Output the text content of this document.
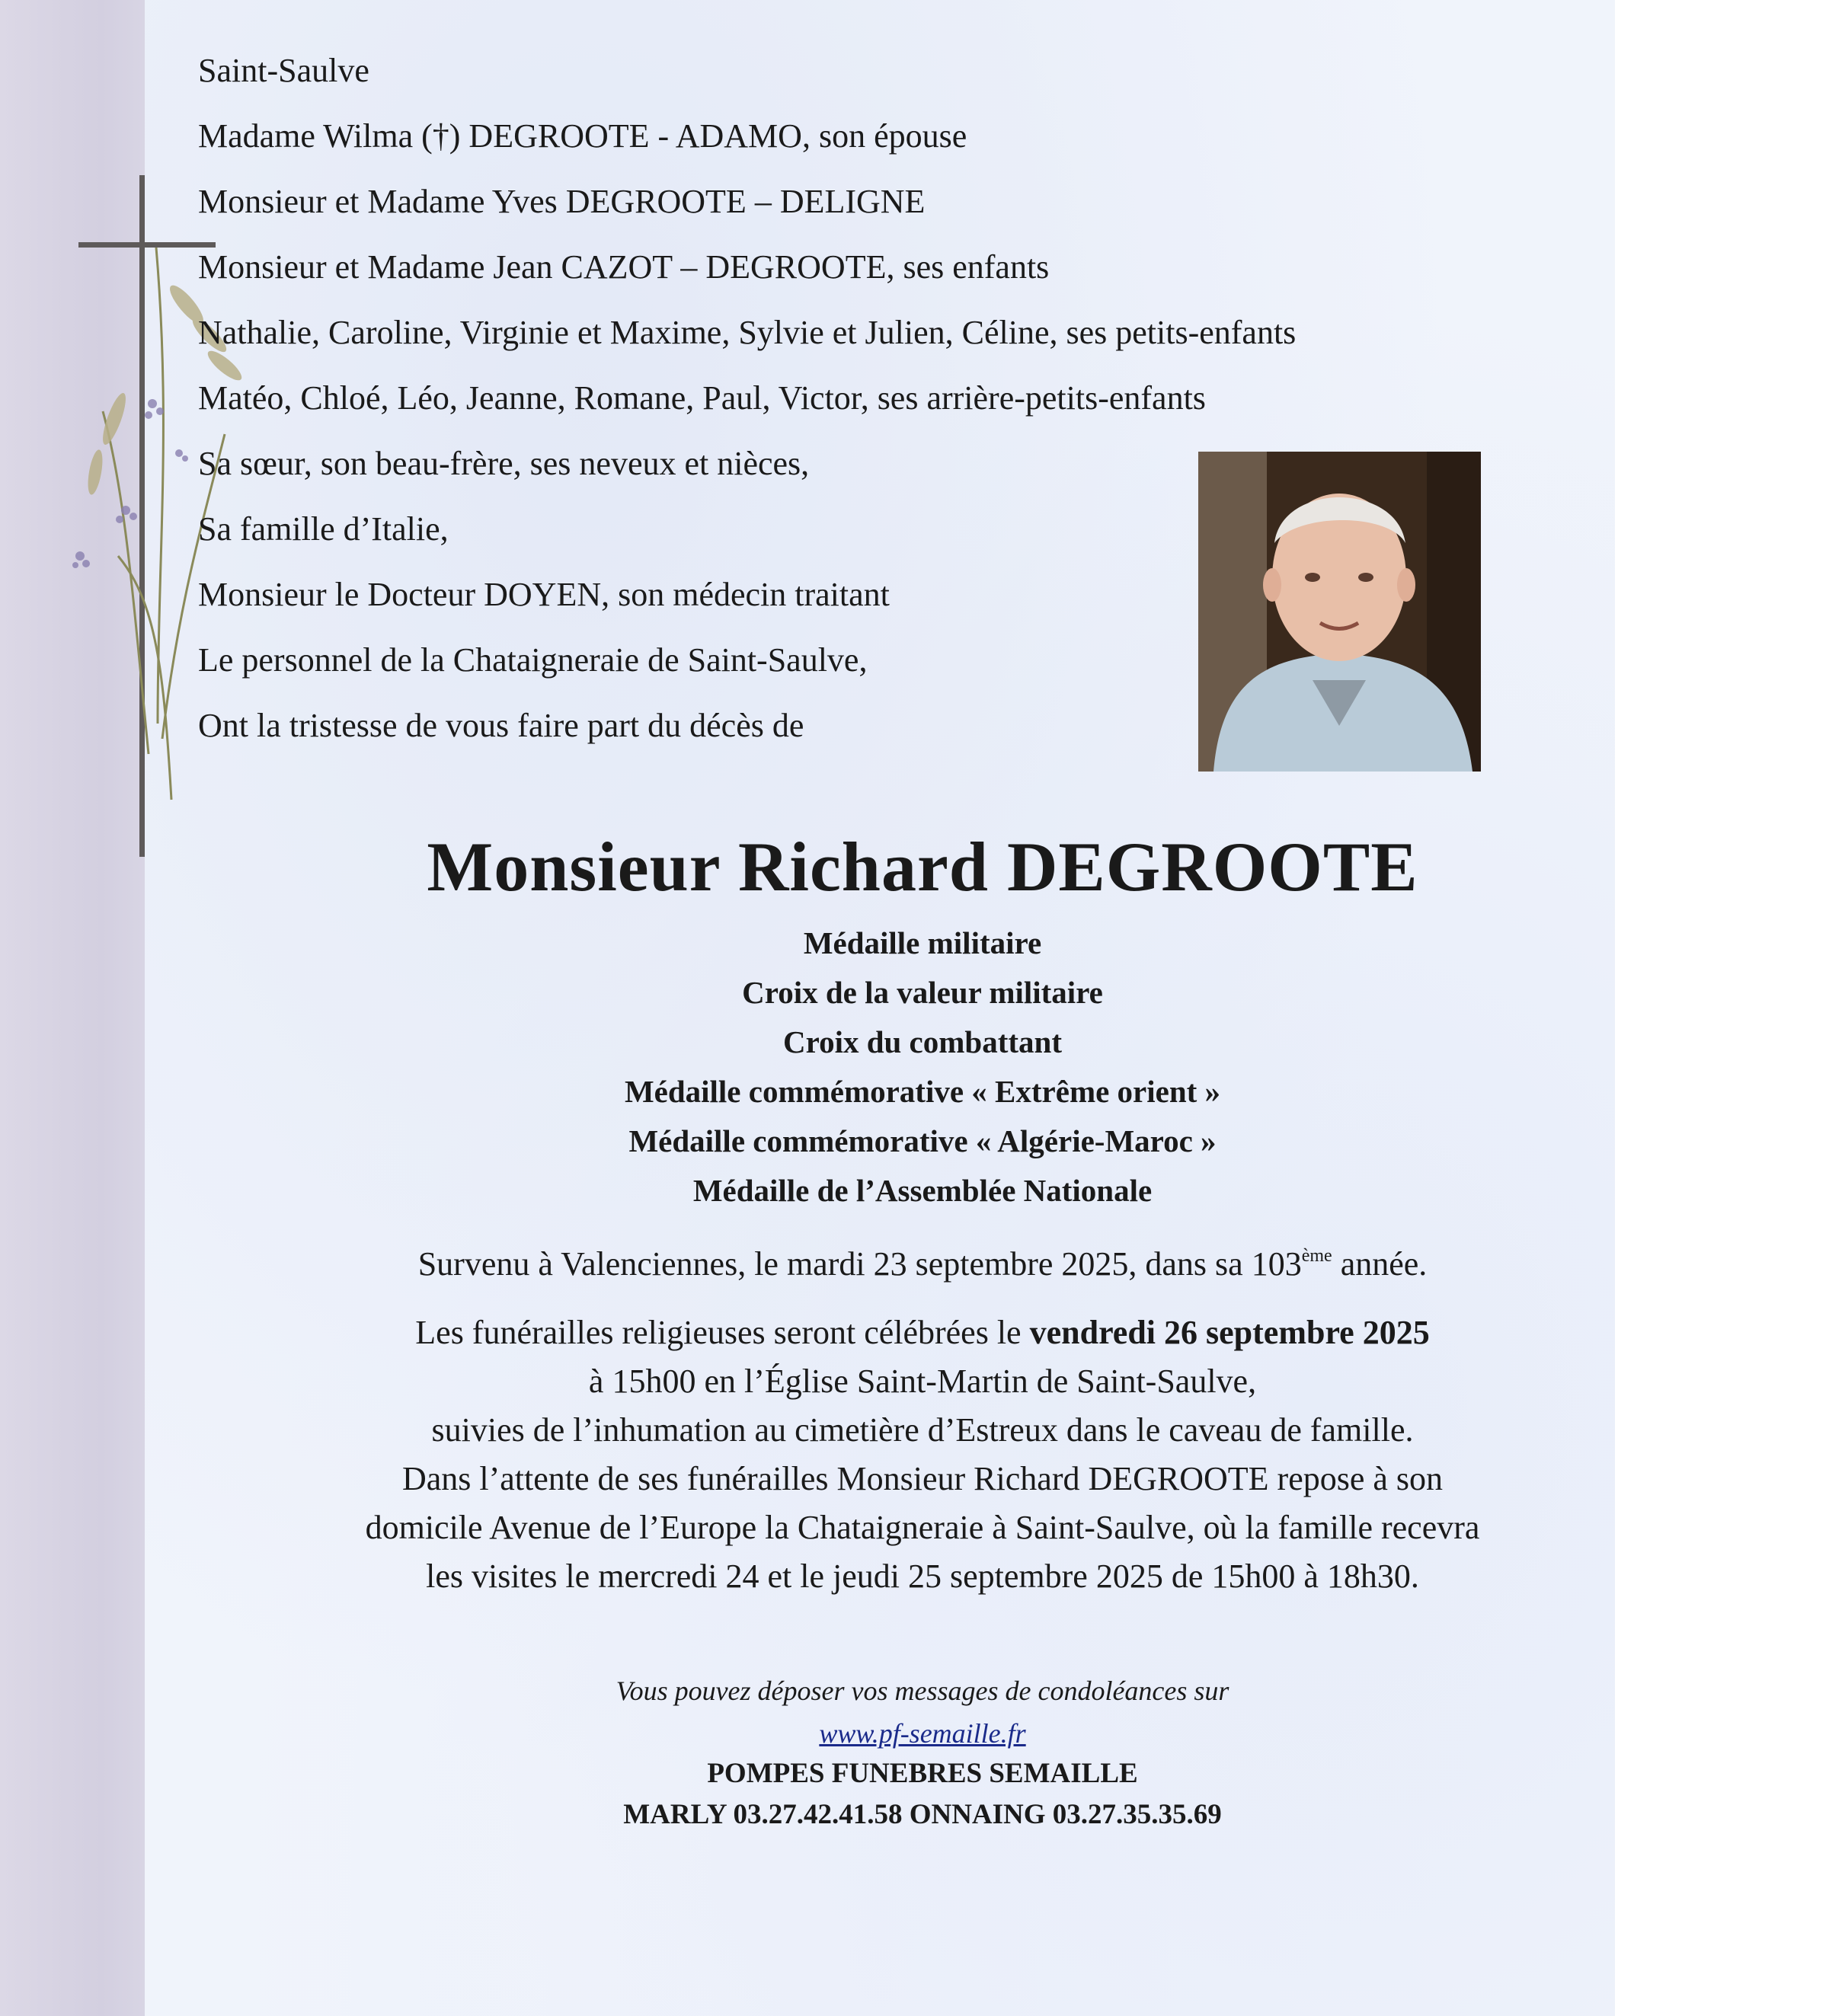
Saint-Saulve
Madame Wilma (†) DEGROOTE - ADAMO, son épouse
Monsieur et Madame Yves DEGROOTE – DELIGNE
Monsieur et Madame Jean CAZOT – DEGROOTE, ses enfants
Nathalie, Caroline, Virginie et Maxime, Sylvie et Julien, Céline, ses petits-enfants
Matéo, Chloé, Léo, Jeanne, Romane, Paul, Victor, ses arrière-petits-enfants
Sa sœur, son beau-frère, ses neveux et nièces,
Sa famille d’Italie,
Monsieur le Docteur DOYEN, son médecin traitant
Le personnel de la Chataigneraie de Saint-Saulve,
Ont la tristesse de vous faire part du décès de
Monsieur Richard DEGROOTE
Médaille militaire
Croix de la valeur militaire
Croix du combattant
Médaille commémorative « Extrême orient »
Médaille commémorative « Algérie-Maroc »
Médaille de l’Assemblée Nationale
Survenu à Valenciennes, le mardi 23 septembre 2025, dans sa 103ème année.

Les funérailles religieuses seront célébrées le vendredi 26 septembre 2025

à 15h00 en l’Église Saint-Martin de Saint-Saulve,

suivies de l’inhumation au cimetière d’Estreux dans le caveau de famille.

Dans l’attente de ses funérailles Monsieur Richard DEGROOTE repose à son

domicile Avenue de l’Europe la Chataigneraie à Saint-Saulve, où la famille recevra

les visites le mercredi 24 et le jeudi 25 septembre 2025 de 15h00 à 18h30.

Vous pouvez déposer vos messages de condoléances sur
www.pf-semaille.fr
POMPES FUNEBRES SEMAILLE
MARLY 03.27.42.41.58 ONNAING 03.27.35.35.69
